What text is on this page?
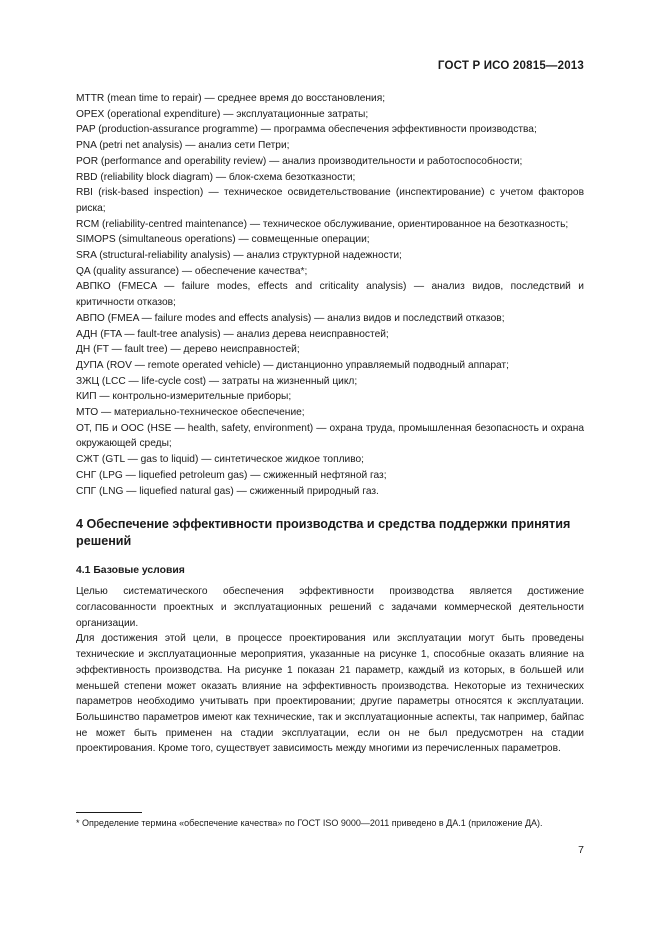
ГОСТ Р ИСО 20815—2013

MTTR (mean time to repair) — среднее время до восстановления;

OPEX (operational expenditure) — эксплуатационные затраты;

PAP (production-assurance programme) — программа обеспечения эффективности производства;

PNA (petri net analysis) — анализ сети Петри;

POR (performance and operability review) — анализ производительности и работоспособности;

RBD (reliability block diagram) — блок-схема безотказности;

RBI (risk-based inspection) — техническое освидетельствование (инспектирование) с учетом факторов риска;

RCM (reliability-centred maintenance) — техническое обслуживание, ориентированное на безотказность;

SIMOPS (simultaneous operations) — совмещенные операции;

SRA (structural-reliability analysis) — анализ структурной надежности;

QA (quality assurance) — обеспечение качества*;

АВПКО (FMECA — failure modes, effects and criticality analysis) — анализ видов, последствий и критичности отказов;

АВПО (FMEA — failure modes and effects analysis) — анализ видов и последствий отказов;

АДН (FTA — fault-tree analysis) — анализ дерева неисправностей;

ДН (FT — fault tree) — дерево неисправностей;

ДУПА (ROV — remote operated vehicle) — дистанционно управляемый подводный аппарат;

ЗЖЦ (LCC — life-cycle cost) — затраты на жизненный цикл;

КИП — контрольно-измерительные приборы;

МТО — материально-техническое обеспечение;

ОТ, ПБ и ООС (HSE — health, safety, environment) — охрана труда, промышленная безопасность и охрана окружающей среды;

СЖТ (GTL — gas to liquid) — синтетическое жидкое топливо;

СНГ (LPG — liquefied petroleum gas) — сжиженный нефтяной газ;

СПГ (LNG — liquefied natural gas) — сжиженный природный газ.

4 Обеспечение эффективности производства и средства поддержки принятия решений
4.1 Базовые условия

Целью систематического обеспечения эффективности производства является достижение согласованности проектных и эксплуатационных решений с задачами коммерческой деятельности организации.

Для достижения этой цели, в процессе проектирования или эксплуатации могут быть проведены технические и эксплуатационные мероприятия, указанные на рисунке 1, способные оказать влияние на эффективность производства. На рисунке 1 показан 21 параметр, каждый из которых, в большей или меньшей степени может оказать влияние на эффективность производства. Некоторые из технических параметров необходимо учитывать при проектировании; другие параметры относятся к эксплуатации. Большинство параметров имеют как технические, так и эксплуатационные аспекты, так например, байпас не может быть применен на стадии эксплуатации, если он не был предусмотрен на стадии проектирования. Кроме того, существует зависимость между многими из перечисленных параметров.

* Определение термина «обеспечение качества» по ГОСТ ISO 9000—2011 приведено в ДА.1 (приложение ДА).
7
